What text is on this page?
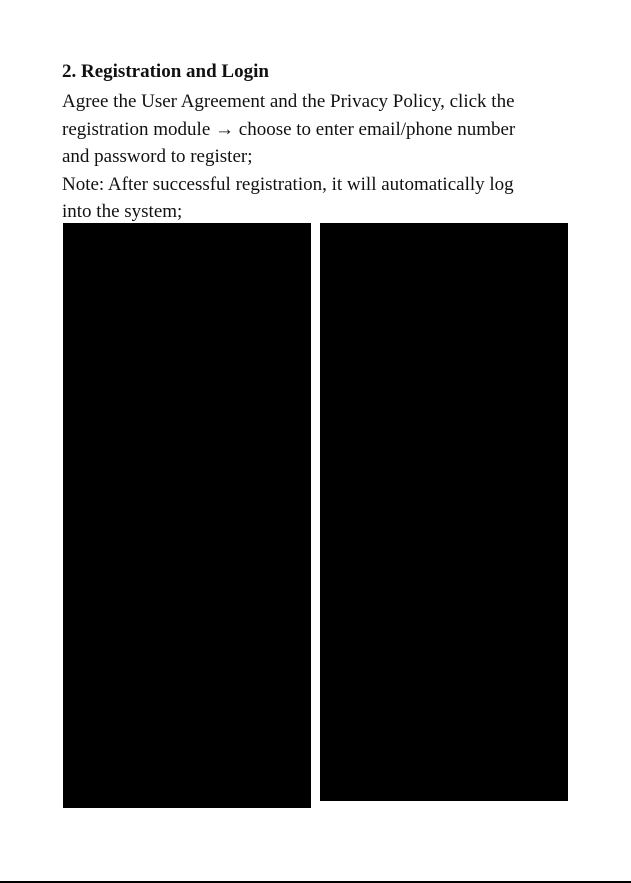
2. Registration and Login

Agree the User Agreement and the Privacy Policy, click the

registration module → choose to enter email/phone number

and password to register;

Note: After successful registration, it will automatically log

into the system;
